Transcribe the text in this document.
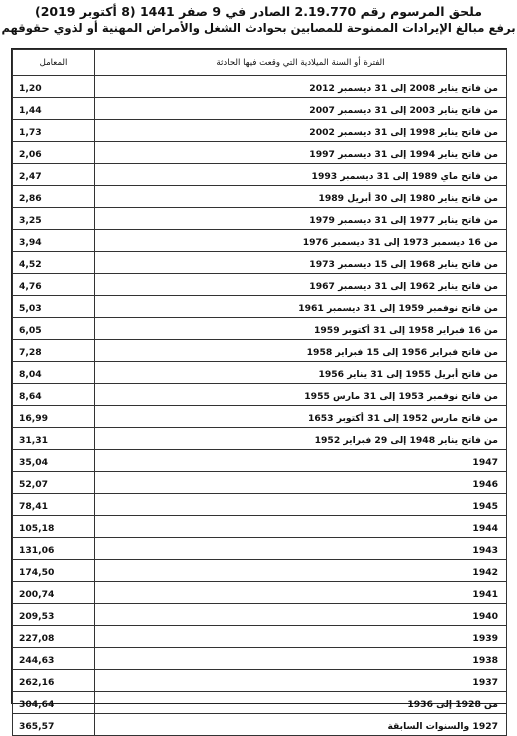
ملحق المرسوم رقم 2.19.770 الصادر في 9 صفر 1441 (8 أكتوبر 2019)
برفع مبالغ الإيرادات الممنوحة للمصابين بحوادث الشغل والأمراض المهنية أو لذوي حقوقهم
المعامل	الفترة أو السنة الميلادية التي وقعت فيها الحادثة
1,20	من فاتح يناير 2008 إلى 31 ديسمبر 2012
1,44	من فاتح يناير 2003 إلى 31 ديسمبر 2007
1,73	من فاتح يناير 1998 إلى 31 ديسمبر 2002
2,06	من فاتح يناير 1994 إلى 31 ديسمبر 1997
2,47	من فاتح ماي 1989 إلى 31 ديسمبر 1993
2,86	من فاتح يناير 1980 إلى 30 أبريل 1989
3,25	من فاتح يناير 1977 إلى 31 ديسمبر 1979
3,94	من 16 ديسمبر 1973 إلى 31 ديسمبر 1976
4,52	من فاتح يناير 1968 إلى 15 ديسمبر 1973
4,76	من فاتح يناير 1962 إلى 31 ديسمبر 1967
5,03	من فاتح نوفمبر 1959 إلى 31 ديسمبر 1961
6,05	من 16 فبراير 1958 إلى 31 أكتوبر 1959
7,28	من فاتح فبراير 1956 إلى 15 فبراير 1958
8,04	من فاتح أبريل 1955 إلى 31 يناير 1956
8,64	من فاتح نوفمبر 1953 إلى 31 مارس 1955
16,99	من فاتح مارس 1952 إلى 31 أكتوبر 1653
31,31	من فاتح يناير 1948 إلى 29 فبراير 1952
35,04	1947
52,07	1946
78,41	1945
105,18	1944
131,06	1943
174,50	1942
200,74	1941
209,53	1940
227,08	1939
244,63	1938
262,16	1937
304,64	من 1928 إلى 1936
365,57	1927 والسنوات السابقة
